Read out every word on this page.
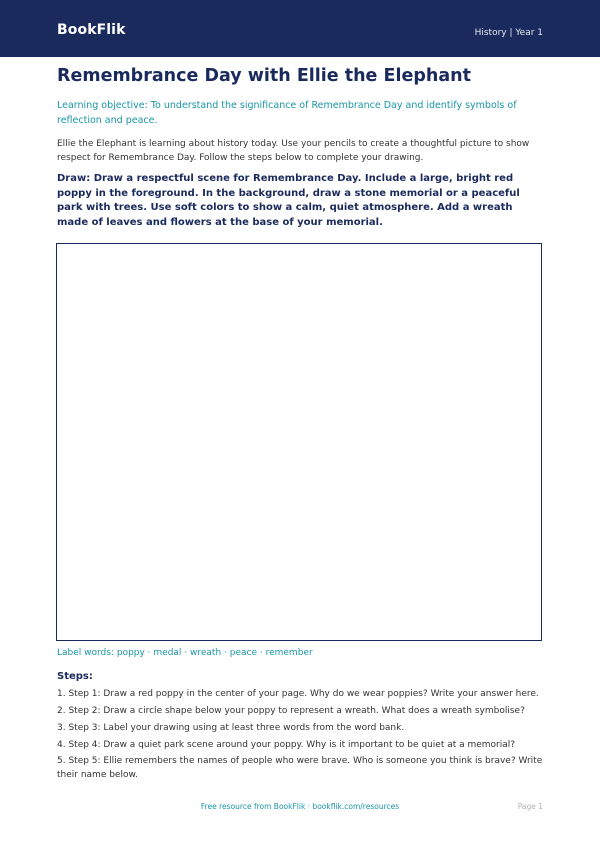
BookFlik	History | Year 1
Remembrance Day with Ellie the Elephant

Learning objective: To understand the significance of Remembrance Day and identify symbols of reflection and peace.

Ellie the Elephant is learning about history today. Use your pencils to create a thoughtful picture to show respect for Remembrance Day. Follow the steps below to complete your drawing.

Draw: Draw a respectful scene for Remembrance Day. Include a large, bright red poppy in the foreground. In the background, draw a stone memorial or a peaceful park with trees. Use soft colors to show a calm, quiet atmosphere. Add a wreath made of leaves and flowers at the base of your memorial.

Label words: poppy · medal · wreath · peace · remember
Steps:

1. Step 1: Draw a red poppy in the center of your page. Why do we wear poppies? Write your answer here.

2. Step 2: Draw a circle shape below your poppy to represent a wreath. What does a wreath symbolise?

3. Step 3: Label your drawing using at least three words from the word bank.

4. Step 4: Draw a quiet park scene around your poppy. Why is it important to be quiet at a memorial?

5. Step 5: Ellie remembers the names of people who were brave. Who is someone you think is brave? Write their name below.

Free resource from BookFlik · bookflik.com/resources	Page 1
